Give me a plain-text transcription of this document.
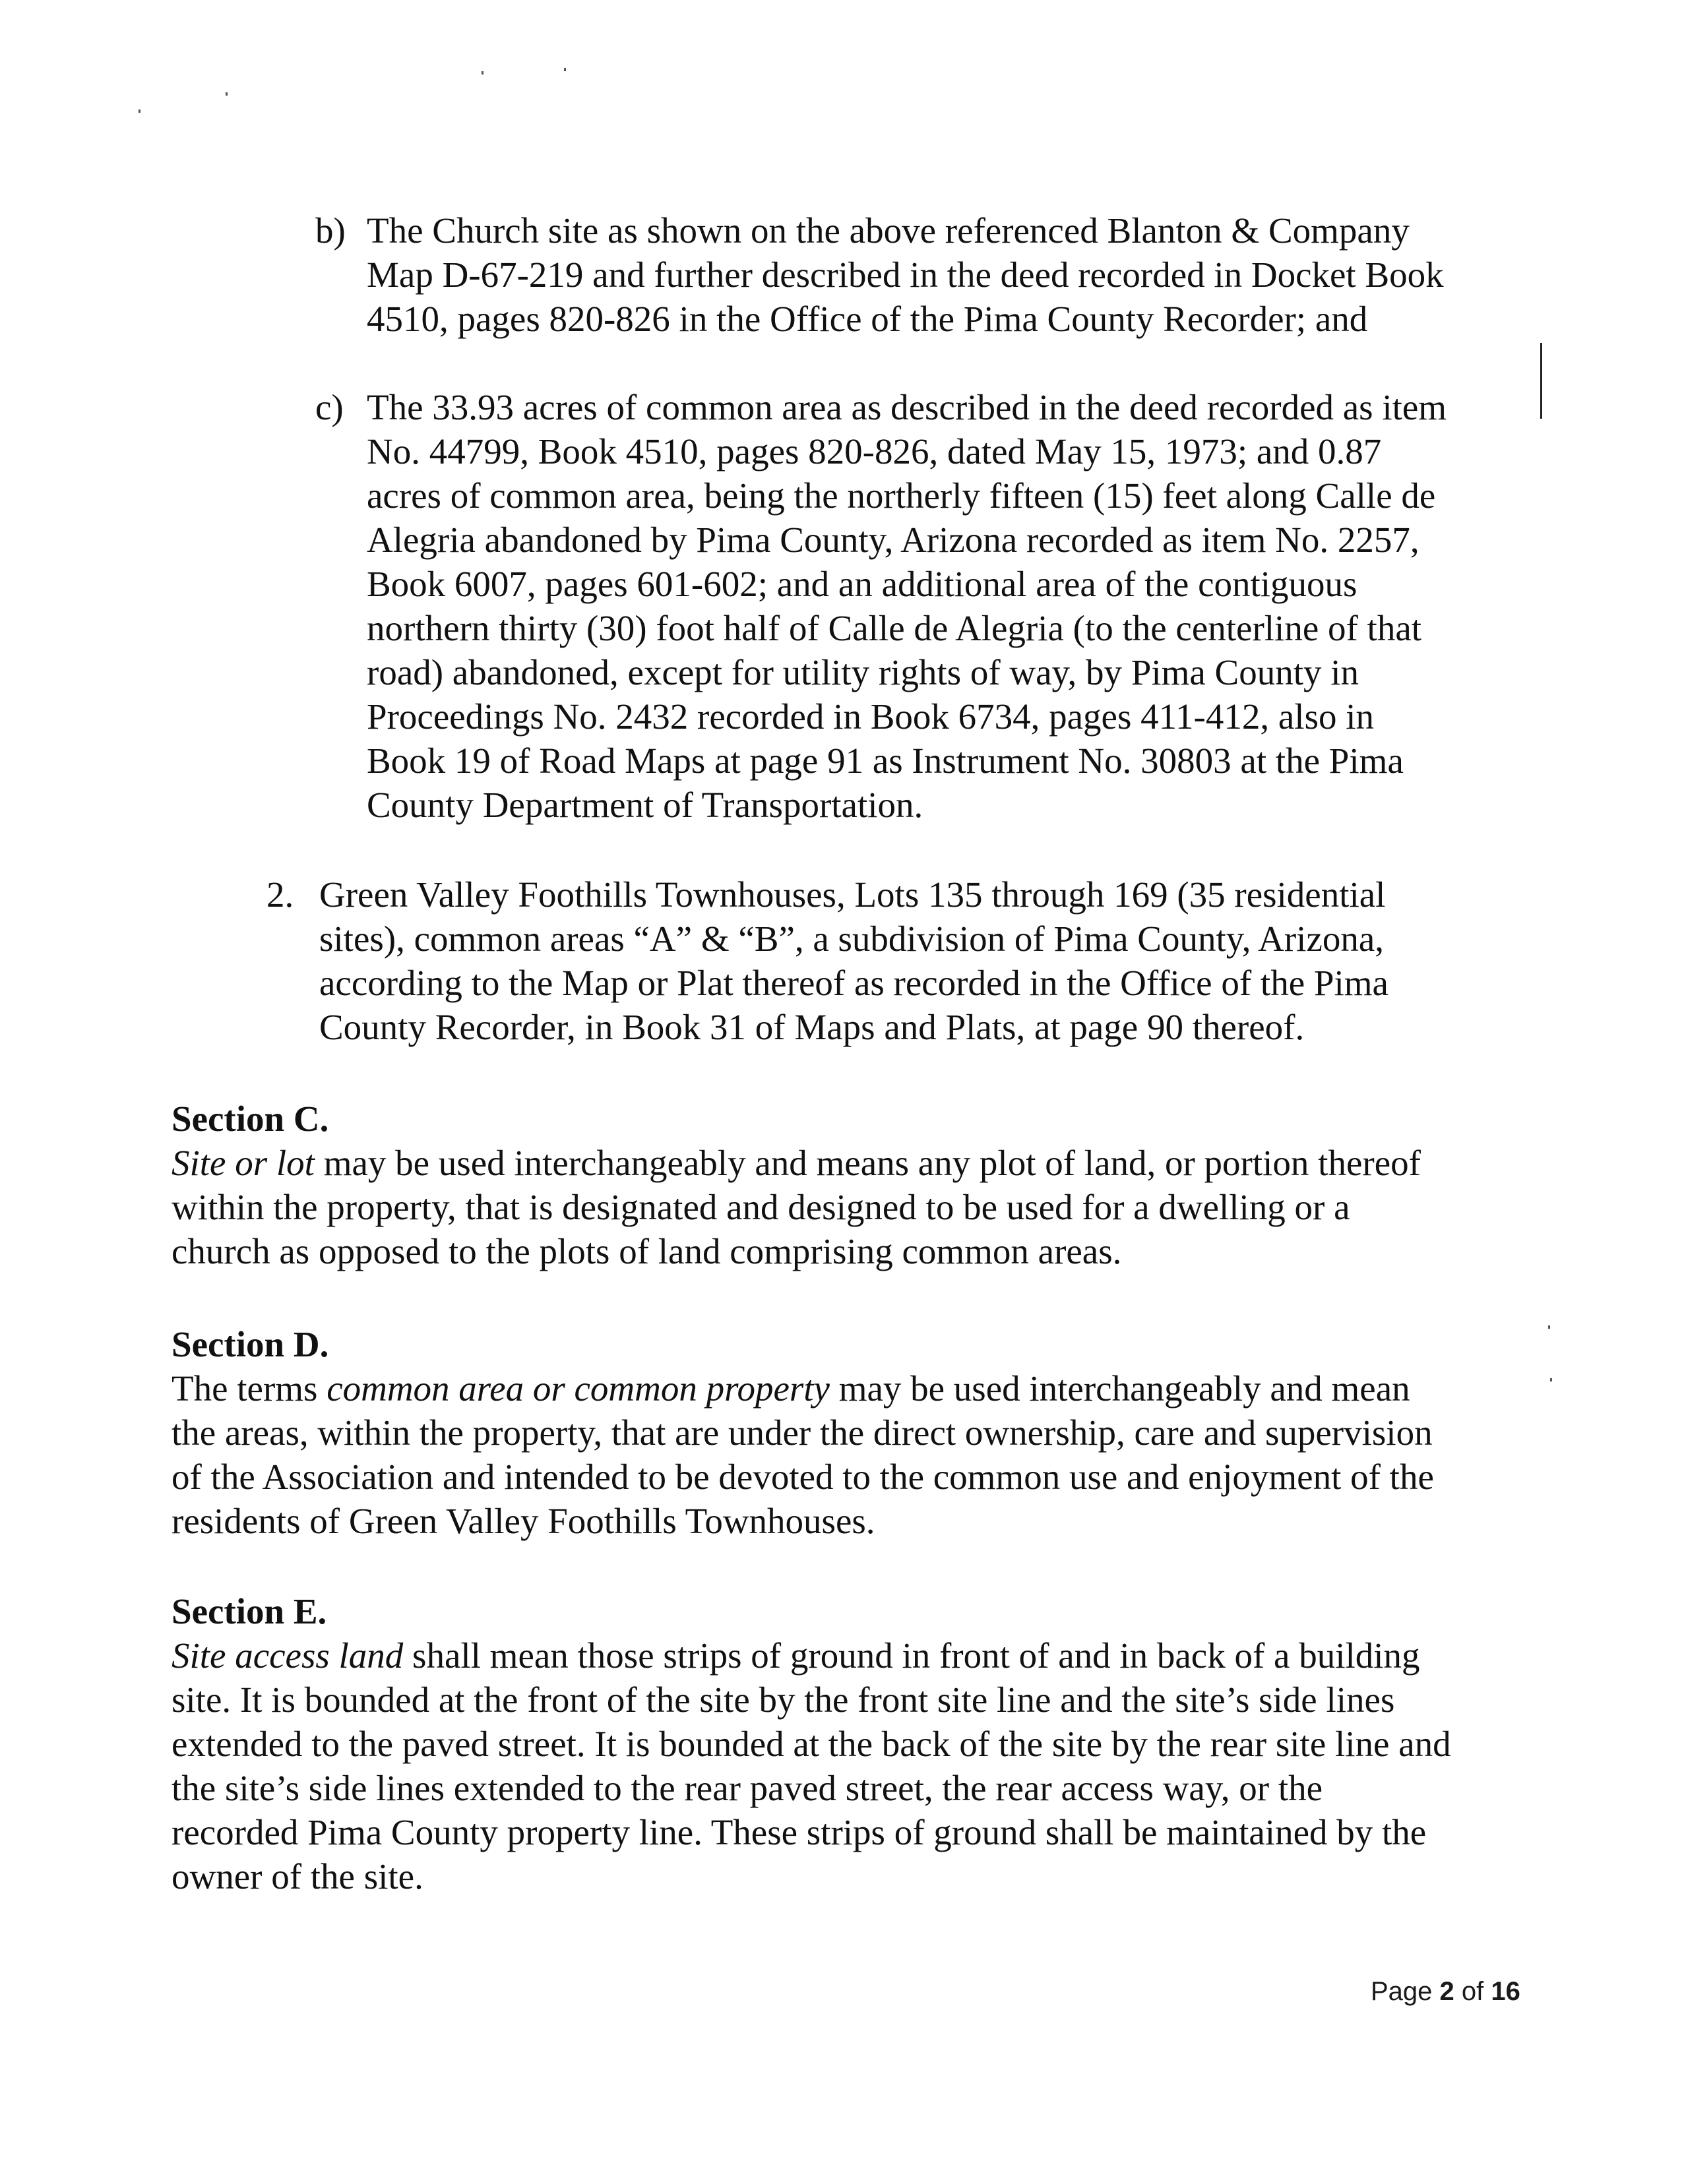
b) The Church site as shown on the above referenced Blanton & Company
Map D-67-219 and further described in the deed recorded in Docket Book
4510, pages 820-826 in the Office of the Pima County Recorder; and
c) The 33.93 acres of common area as described in the deed recorded as item
No. 44799, Book 4510, pages 820-826, dated May 15, 1973; and 0.87
acres of common area, being the northerly fifteen (15) feet along Calle de
Alegria abandoned by Pima County, Arizona recorded as item No. 2257,
Book 6007, pages 601-602; and an additional area of the contiguous
northern thirty (30) foot half of Calle de Alegria (to the centerline of that
road) abandoned, except for utility rights of way, by Pima County in
Proceedings No. 2432 recorded in Book 6734, pages 411-412, also in
Book 19 of Road Maps at page 91 as Instrument No. 30803 at the Pima
County Department of Transportation.
2. Green Valley Foothills Townhouses, Lots 135 through 169 (35 residential
sites), common areas “A” & “B”, a subdivision of Pima County, Arizona,
according to the Map or Plat thereof as recorded in the Office of the Pima
County Recorder, in Book 31 of Maps and Plats, at page 90 thereof.
Section C.
Site or lot may be used interchangeably and means any plot of land, or portion thereof
within the property, that is designated and designed to be used for a dwelling or a
church as opposed to the plots of land comprising common areas.
Section D.
The terms common area or common property may be used interchangeably and mean
the areas, within the property, that are under the direct ownership, care and supervision
of the Association and intended to be devoted to the common use and enjoyment of the
residents of Green Valley Foothills Townhouses.
Section E.
Site access land shall mean those strips of ground in front of and in back of a building
site. It is bounded at the front of the site by the front site line and the site’s side lines
extended to the paved street. It is bounded at the back of the site by the rear site line and
the site’s side lines extended to the rear paved street, the rear access way, or the
recorded Pima County property line. These strips of ground shall be maintained by the
owner of the site.
Page 2 of 16
